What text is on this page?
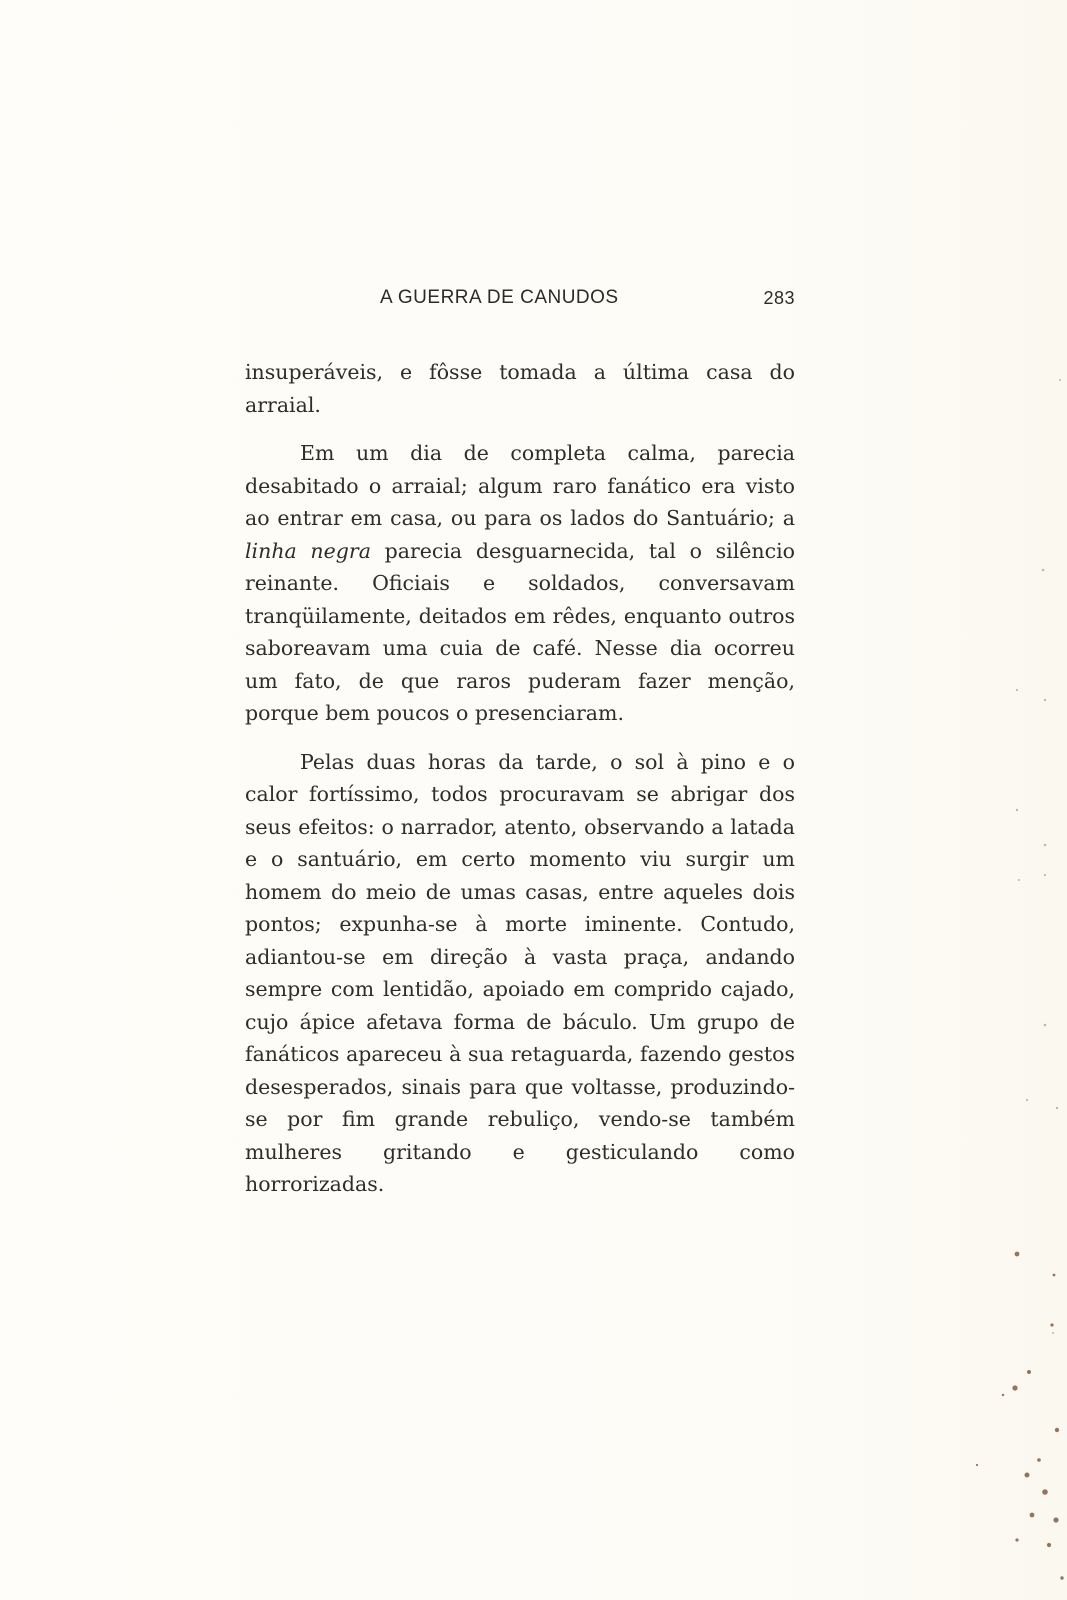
A GUERRA DE CANUDOS	283

insuperáveis, e fôsse tomada a última casa do arraial.

Em um dia de completa calma, parecia desabitado o arraial; algum raro fanático era visto ao entrar em casa, ou para os lados do Santuário; a linha negra parecia desguarnecida, tal o silêncio reinante. Oficiais e soldados, conversavam tranqüilamente, deitados em rêdes, enquanto outros saboreavam uma cuia de café. Nesse dia ocorreu um fato, de que raros puderam fazer menção, porque bem poucos o presenciaram.

Pelas duas horas da tarde, o sol à pino e o calor fortíssimo, todos procuravam se abrigar dos seus efeitos: o narrador, atento, observando a latada e o santuário, em certo momento viu surgir um homem do meio de umas casas, entre aqueles dois pontos; expunha-se à morte iminente. Contudo, adiantou-se em direção à vasta praça, andando sempre com lentidão, apoiado em comprido cajado, cujo ápice afetava forma de báculo. Um grupo de fanáticos apareceu à sua retaguarda, fazendo gestos desesperados, sinais para que voltasse, produzindo-se por fim grande rebuliço, vendo-se também mulheres gritando e gesticulando como horrorizadas.
